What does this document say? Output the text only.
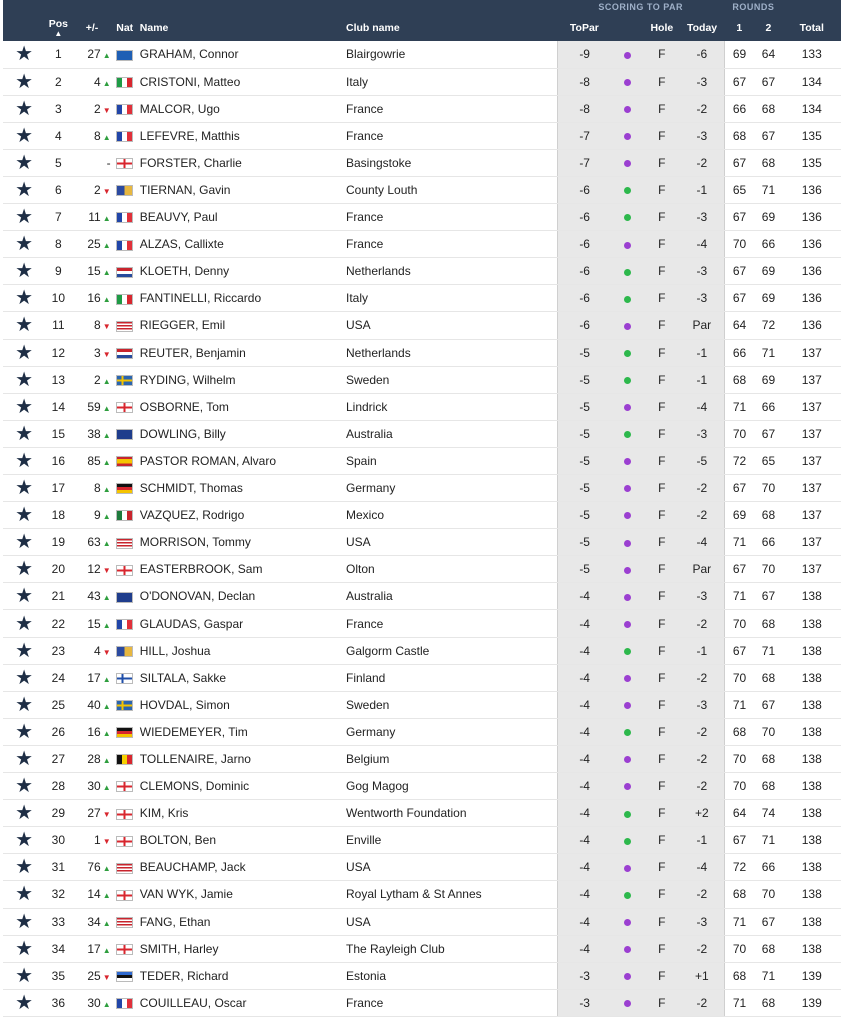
						SCORING TO PAR				ROUNDS		
	Pos
▲	+/-	Nat	Name	Club name	ToPar		Hole	Today	1	2	Total
★	1	27 ▲		GRAHAM, Connor	Blairgowrie	-9		F	-6	69	64	133
★	2	4 ▲		CRISTONI, Matteo	Italy	-8		F	-3	67	67	134
★	3	2 ▼		MALCOR, Ugo	France	-8		F	-2	66	68	134
★	4	8 ▲		LEFEVRE, Matthis	France	-7		F	-3	68	67	135
★	5	-		FORSTER, Charlie	Basingstoke	-7		F	-2	67	68	135
★	6	2 ▼		TIERNAN, Gavin	County Louth	-6		F	-1	65	71	136
★	7	11 ▲		BEAUVY, Paul	France	-6		F	-3	67	69	136
★	8	25 ▲		ALZAS, Callixte	France	-6		F	-4	70	66	136
★	9	15 ▲		KLOETH, Denny	Netherlands	-6		F	-3	67	69	136
★	10	16 ▲		FANTINELLI, Riccardo	Italy	-6		F	-3	67	69	136
★	11	8 ▼		RIEGGER, Emil	USA	-6		F	Par	64	72	136
★	12	3 ▼		REUTER, Benjamin	Netherlands	-5		F	-1	66	71	137
★	13	2 ▲		RYDING, Wilhelm	Sweden	-5		F	-1	68	69	137
★	14	59 ▲		OSBORNE, Tom	Lindrick	-5		F	-4	71	66	137
★	15	38 ▲		DOWLING, Billy	Australia	-5		F	-3	70	67	137
★	16	85 ▲		PASTOR ROMAN, Alvaro	Spain	-5		F	-5	72	65	137
★	17	8 ▲		SCHMIDT, Thomas	Germany	-5		F	-2	67	70	137
★	18	9 ▲		VAZQUEZ, Rodrigo	Mexico	-5		F	-2	69	68	137
★	19	63 ▲		MORRISON, Tommy	USA	-5		F	-4	71	66	137
★	20	12 ▼		EASTERBROOK, Sam	Olton	-5		F	Par	67	70	137
★	21	43 ▲		O'DONOVAN, Declan	Australia	-4		F	-3	71	67	138
★	22	15 ▲		GLAUDAS, Gaspar	France	-4		F	-2	70	68	138
★	23	4 ▼		HILL, Joshua	Galgorm Castle	-4		F	-1	67	71	138
★	24	17 ▲		SILTALA, Sakke	Finland	-4		F	-2	70	68	138
★	25	40 ▲		HOVDAL, Simon	Sweden	-4		F	-3	71	67	138
★	26	16 ▲		WIEDEMEYER, Tim	Germany	-4		F	-2	68	70	138
★	27	28 ▲		TOLLENAIRE, Jarno	Belgium	-4		F	-2	70	68	138
★	28	30 ▲		CLEMONS, Dominic	Gog Magog	-4		F	-2	70	68	138
★	29	27 ▼		KIM, Kris	Wentworth Foundation	-4		F	+2	64	74	138
★	30	1 ▼		BOLTON, Ben	Enville	-4		F	-1	67	71	138
★	31	76 ▲		BEAUCHAMP, Jack	USA	-4		F	-4	72	66	138
★	32	14 ▲		VAN WYK, Jamie	Royal Lytham & St Annes	-4		F	-2	68	70	138
★	33	34 ▲		FANG, Ethan	USA	-4		F	-3	71	67	138
★	34	17 ▲		SMITH, Harley	The Rayleigh Club	-4		F	-2	70	68	138
★	35	25 ▼		TEDER, Richard	Estonia	-3		F	+1	68	71	139
★	36	30 ▲		COUILLEAU, Oscar	France	-3		F	-2	71	68	139
